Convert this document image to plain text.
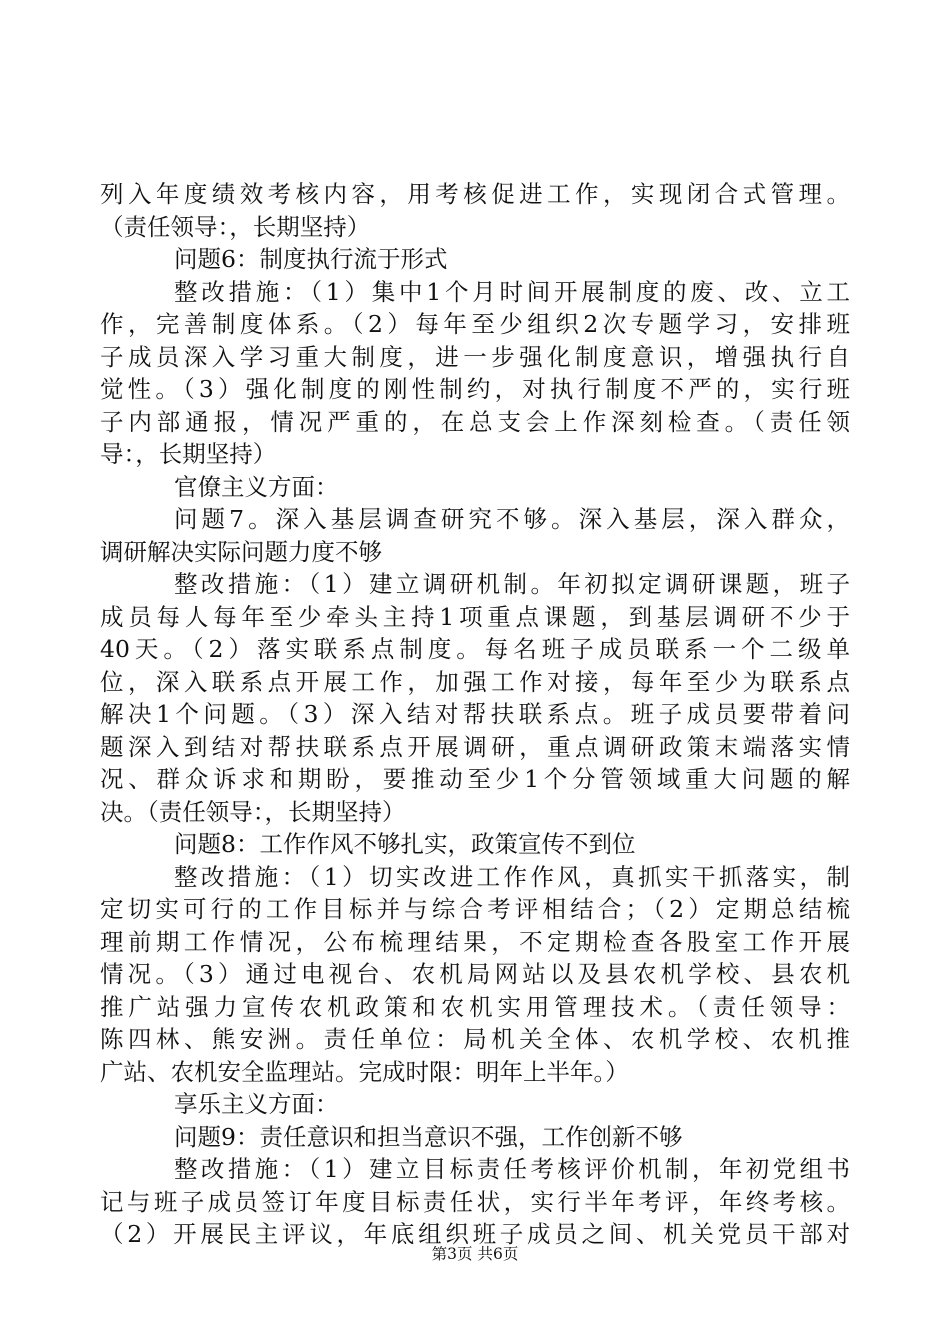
列入年度绩效考核内容，用考核促进工作，实现闭合式管理。
（责任领导：，长期坚持）
问题6：制度执行流于形式
整改措施：（1）集中1个月时间开展制度的废、改、立工
作，完善制度体系。（2）每年至少组织2次专题学习，安排班
子成员深入学习重大制度，进一步强化制度意识，增强执行自
觉性。（3）强化制度的刚性制约，对执行制度不严的，实行班
子内部通报，情况严重的，在总支会上作深刻检查。（责任领
导：，长期坚持）
官僚主义方面：
问题7。深入基层调查研究不够。深入基层，深入群众，
调研解决实际问题力度不够
整改措施：（1）建立调研机制。年初拟定调研课题，班子
成员每人每年至少牵头主持1项重点课题，到基层调研不少于
40天。（2）落实联系点制度。每名班子成员联系一个二级单
位，深入联系点开展工作，加强工作对接，每年至少为联系点
解决1个问题。（3）深入结对帮扶联系点。班子成员要带着问
题深入到结对帮扶联系点开展调研，重点调研政策末端落实情
况、群众诉求和期盼，要推动至少1个分管领域重大问题的解
决。（责任领导：，长期坚持）
问题8：工作作风不够扎实，政策宣传不到位
整改措施：（1）切实改进工作作风，真抓实干抓落实，制
定切实可行的工作目标并与综合考评相结合；（2）定期总结梳
理前期工作情况，公布梳理结果，不定期检查各股室工作开展
情况。（3）通过电视台、农机局网站以及县农机学校、县农机
推广站强力宣传农机政策和农机实用管理技术。（责任领导：
陈四林、熊安洲。责任单位：局机关全体、农机学校、农机推
广站、农机安全监理站。完成时限：明年上半年。）
享乐主义方面：
问题9：责任意识和担当意识不强，工作创新不够
整改措施：（1）建立目标责任考核评价机制，年初党组书
记与班子成员签订年度目标责任状，实行半年考评，年终考核。
（2）开展民主评议，年底组织班子成员之间、机关党员干部对
第3页 共6页
